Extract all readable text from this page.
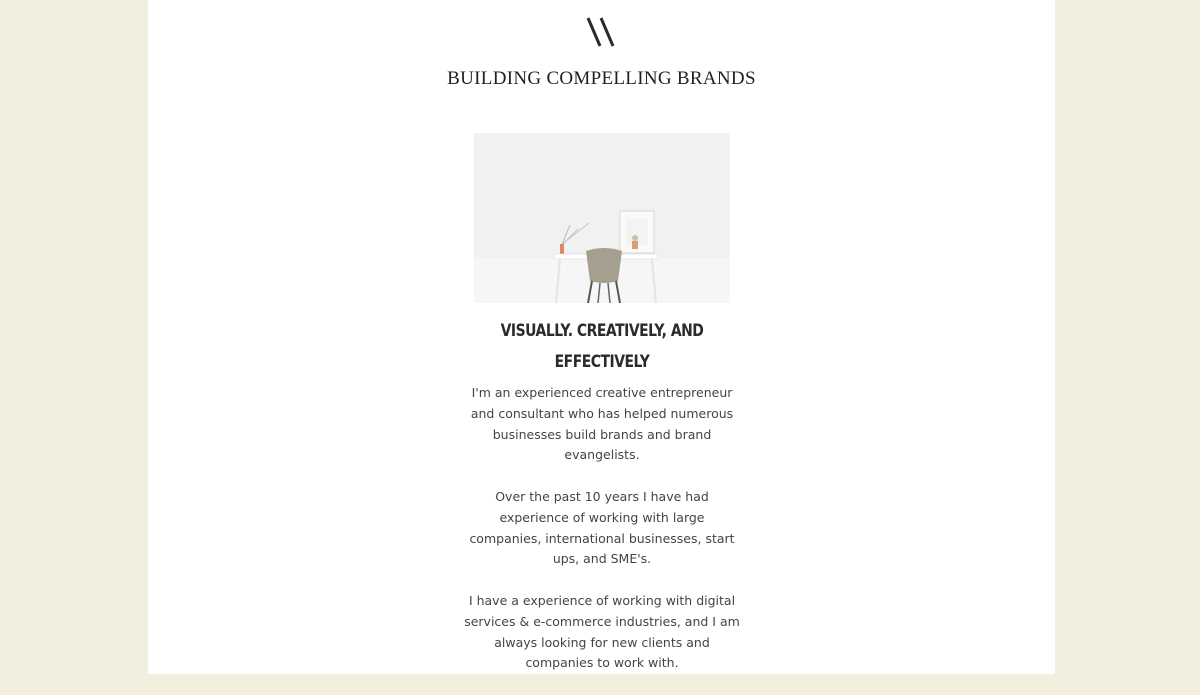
BUILDING COMPELLING BRANDS
VISUALLY. CREATIVELY, AND EFFECTIVELY

I'm an experienced creative entrepreneur and consultant who has helped numerous businesses build brands and brand evangelists.

Over the past 10 years I have had experience of working with large companies, international businesses, start ups, and SME's.

I have a experience of working with digital services & e-commerce industries, and I am always looking for new clients and companies to work with.
